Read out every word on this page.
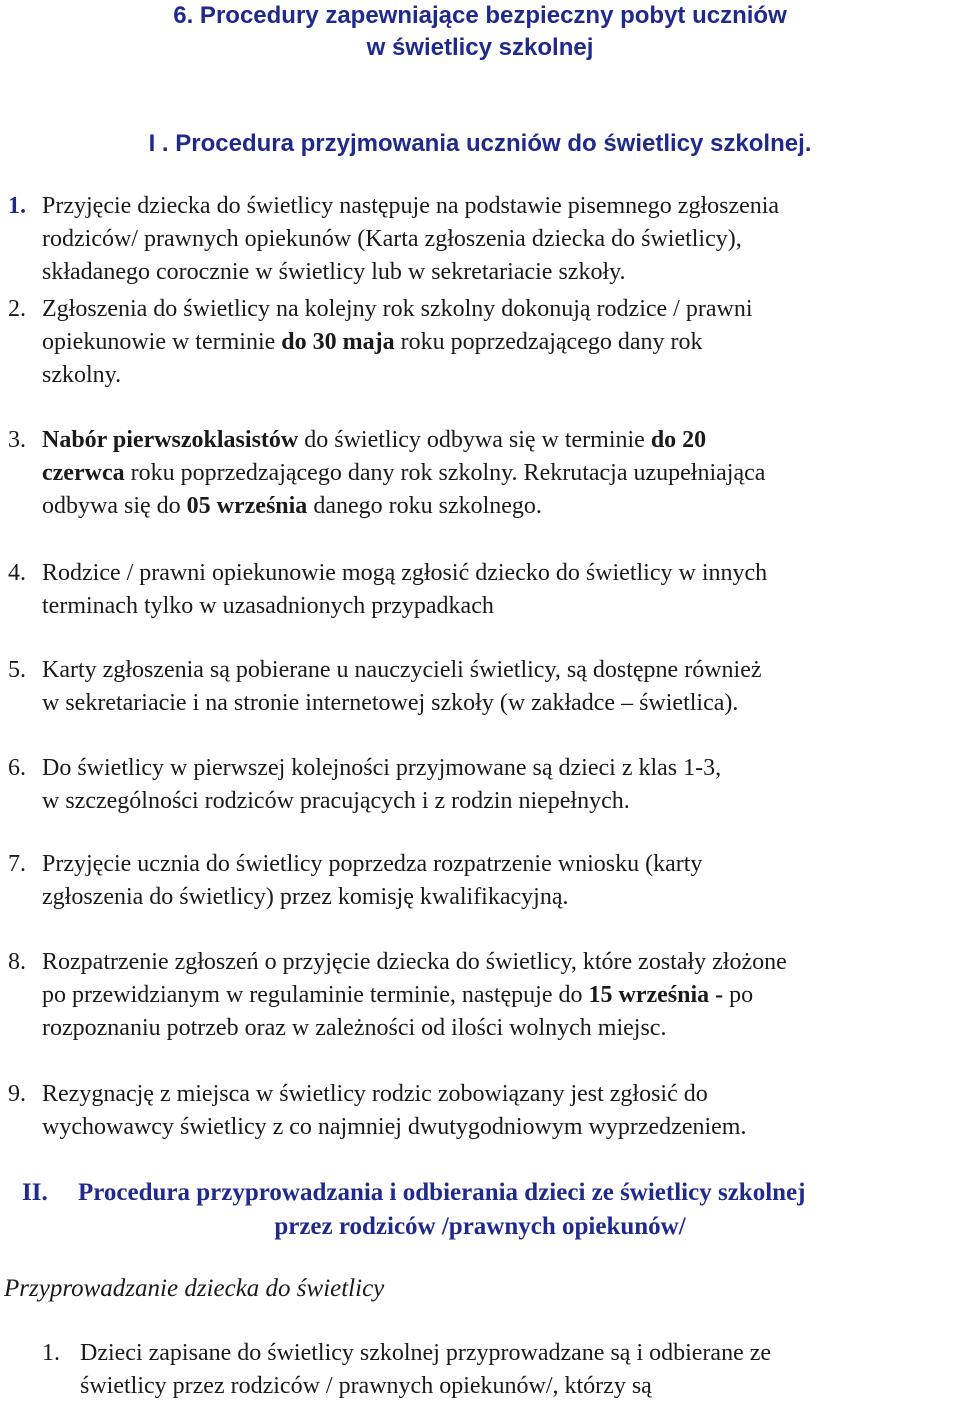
6. Procedury zapewniające bezpieczny pobyt uczniów
w świetlicy szkolnej
I . Procedura przyjmowania uczniów do świetlicy szkolnej.
1. Przyjęcie dziecka do świetlicy następuje na podstawie pisemnego zgłoszenia
rodziców/ prawnych opiekunów (Karta zgłoszenia dziecka do świetlicy),
składanego corocznie w świetlicy lub w sekretariacie szkoły.
2. Zgłoszenia do świetlicy na kolejny rok szkolny dokonują rodzice / prawni
opiekunowie w terminie do 30 maja roku poprzedzającego dany rok
szkolny.
3. Nabór pierwszoklasistów do świetlicy odbywa się w terminie do 20
czerwca roku poprzedzającego dany rok szkolny. Rekrutacja uzupełniająca
odbywa się do 05 września danego roku szkolnego.
4. Rodzice / prawni opiekunowie mogą zgłosić dziecko do świetlicy w innych
terminach tylko w uzasadnionych przypadkach
5. Karty zgłoszenia są pobierane u nauczycieli świetlicy, są dostępne również
w sekretariacie i na stronie internetowej szkoły (w zakładce – świetlica).
6. Do świetlicy w pierwszej kolejności przyjmowane są dzieci z klas 1-3,
w szczególności rodziców pracujących i z rodzin niepełnych.
7. Przyjęcie ucznia do świetlicy poprzedza rozpatrzenie wniosku (karty
zgłoszenia do świetlicy) przez komisję kwalifikacyjną.
8. Rozpatrzenie zgłoszeń o przyjęcie dziecka do świetlicy, które zostały złożone
po przewidzianym w regulaminie terminie, następuje do 15 września - po
rozpoznaniu potrzeb oraz w zależności od ilości wolnych miejsc.
9. Rezygnację z miejsca w świetlicy rodzic zobowiązany jest zgłosić do
wychowawcy świetlicy z co najmniej dwutygodniowym wyprzedzeniem.
II. Procedura przyprowadzania i odbierania dzieci ze świetlicy szkolnej
przez rodziców /prawnych opiekunów/
Przyprowadzanie dziecka do świetlicy
1. Dzieci zapisane do świetlicy szkolnej przyprowadzane są i odbierane ze
świetlicy przez rodziców / prawnych opiekunów/, którzy są
